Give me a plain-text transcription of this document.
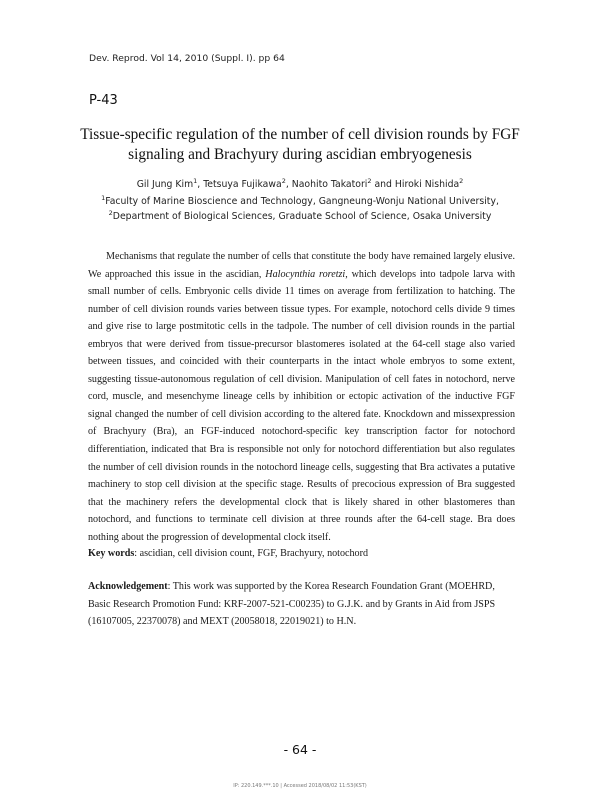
Dev. Reprod. Vol 14, 2010 (Suppl. I). pp 64
P-43
Tissue-specific regulation of the number of cell division rounds by FGF signaling and Brachyury during ascidian embryogenesis
Gil Jung Kim$^1$, Tetsuya Fujikawa$^2$, Naohito Takatori$^2$ and Hiroki Nishida$^2$
$^1$Faculty of Marine Bioscience and Technology, Gangneung-Wonju National University,
$^2$Department of Biological Sciences, Graduate School of Science, Osaka University
Mechanisms that regulate the number of cells that constitute the body have remained largely elusive. We approached this issue in the ascidian, Halocynthia roretzi, which develops into tadpole larva with small number of cells. Embryonic cells divide 11 times on average from fertilization to hatching. The number of cell division rounds varies between tissue types. For example, notochord cells divide 9 times and give rise to large postmitotic cells in the tadpole. The number of cell division rounds in the partial embryos that were derived from tissue-precursor blastomeres isolated at the 64-cell stage also varied between tissues, and coincided with their counterparts in the intact whole embryos to some extent, suggesting tissue-autonomous regulation of cell division. Manipulation of cell fates in notochord, nerve cord, muscle, and mesenchyme lineage cells by inhibition or ectopic activation of the inductive FGF signal changed the number of cell division according to the altered fate. Knockdown and missexpression of Brachyury (Bra), an FGF-induced notochord-specific key transcription factor for notochord differentiation, indicated that Bra is responsible not only for notochord differentiation but also regulates the number of cell division rounds in the notochord lineage cells, suggesting that Bra activates a putative machinery to stop cell division at the specific stage. Results of precocious expression of Bra suggested that the machinery refers the developmental clock that is likely shared in other blastomeres than notochord, and functions to terminate cell division at three rounds after the 64-cell stage. Bra does nothing about the progression of developmental clock itself.
Key words: ascidian, cell division count, FGF, Brachyury, notochord
Acknowledgement: This work was supported by the Korea Research Foundation Grant (MOEHRD, Basic Research Promotion Fund: KRF-2007-521-C00235) to G.J.K. and by Grants in Aid from JSPS (16107005, 22370078) and MEXT (20058018, 22019021) to H.N.
- 64 -
IP: 220.149.***.10 | Accessed 2018/08/02 11:53(KST)
